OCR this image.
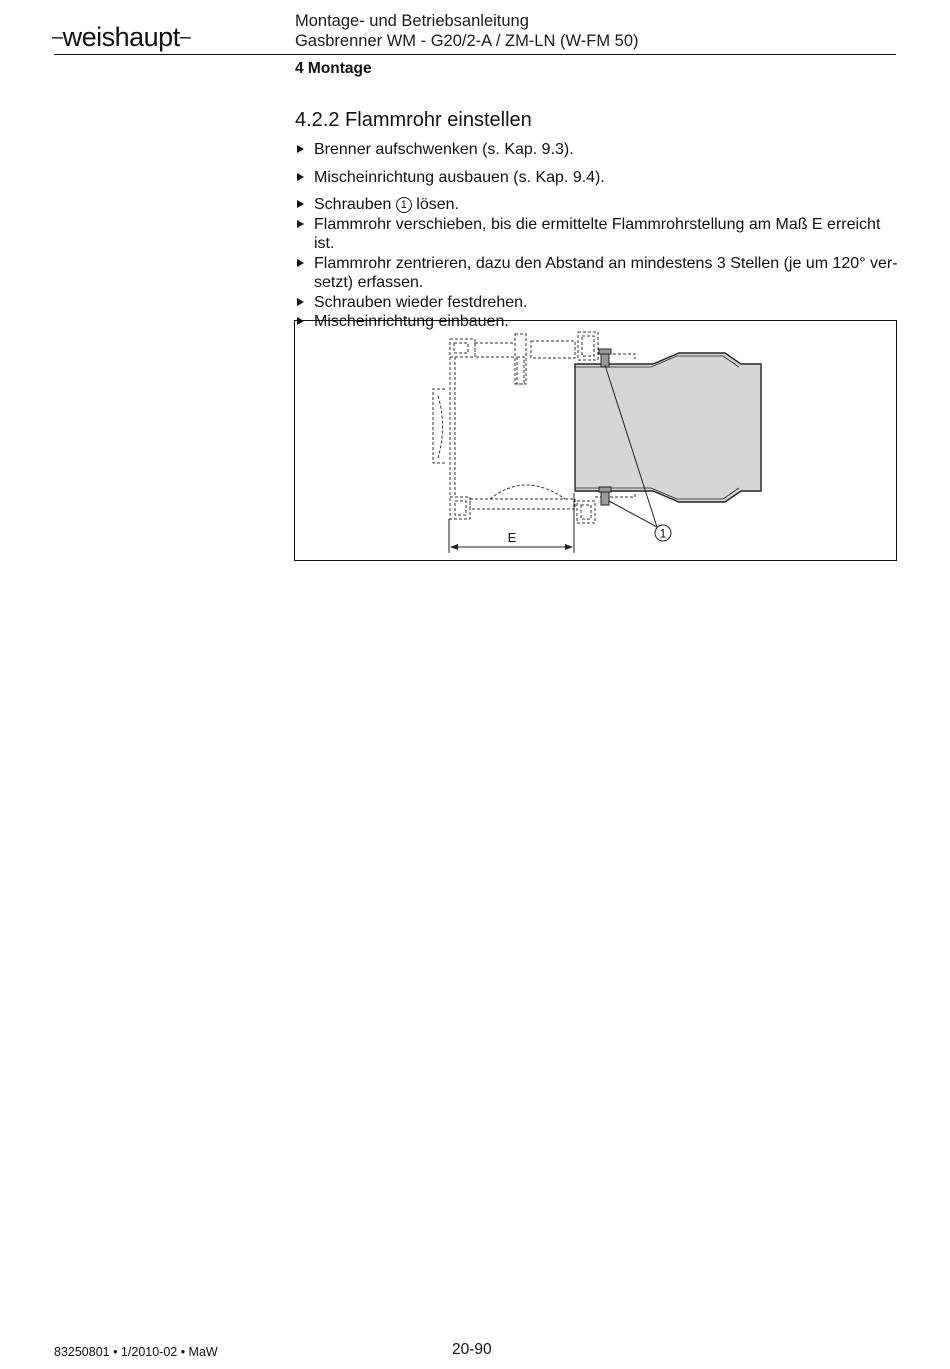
–weishaupt–
Montage- und Betriebsanleitung
Gasbrenner WM - G20/2-A / ZM-LN (W-FM 50)
4 Montage
4.2.2 Flammrohr einstellen
Brenner aufschwenken (s. Kap. 9.3).
Mischeinrichtung ausbauen (s. Kap. 9.4).
Schrauben 1 lösen.
Flammrohr verschieben, bis die ermittelte Flammrohrstellung am Maß E erreicht ist.
Flammrohr zentrieren, dazu den Abstand an mindestens 3 Stellen (je um 120° ver-
setzt) erfassen.
Schrauben wieder festdrehen.
Mischeinrichtung einbauen.
1
E
83250801 • 1/2010-02 • MaW	20-90
